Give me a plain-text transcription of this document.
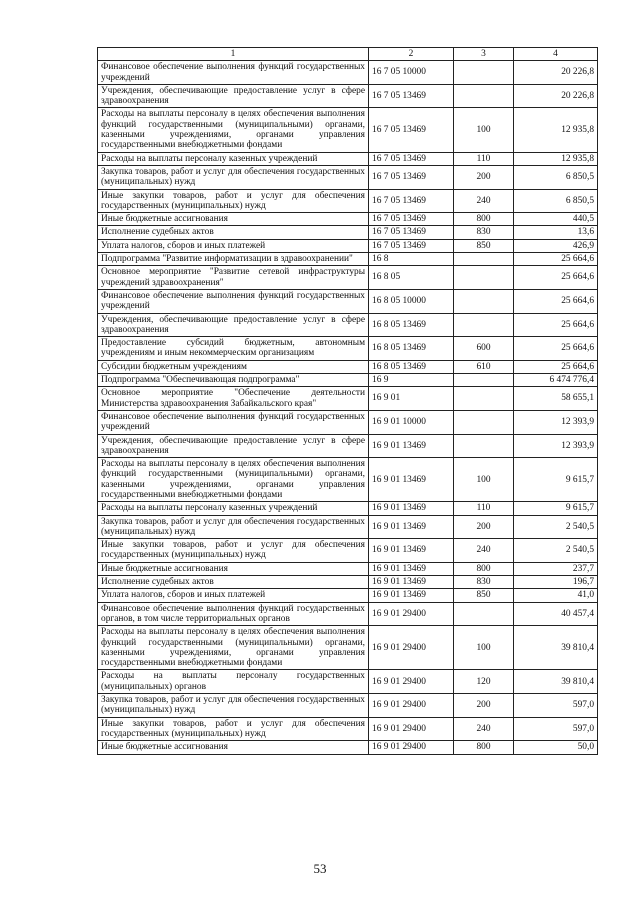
1	2	3	4
Финансовое обеспечение выполнения функций государственных учреждений	16 7 05 10000		20 226,8
Учреждения, обеспечивающие предоставление услуг в сфере здравоохранения	16 7 05 13469		20 226,8
Расходы на выплаты персоналу в целях обеспечения выполнения функций государственными (муниципальными) органами, казенными учреждениями, органами управления государственными внебюджетными фондами	16 7 05 13469	100	12 935,8
Расходы на выплаты персоналу казенных учреждений	16 7 05 13469	110	12 935,8
Закупка товаров, работ и услуг для обеспечения государственных (муниципальных) нужд	16 7 05 13469	200	6 850,5
Иные закупки товаров, работ и услуг для обеспечения государственных (муниципальных) нужд	16 7 05 13469	240	6 850,5
Иные бюджетные ассигнования	16 7 05 13469	800	440,5
Исполнение судебных актов	16 7 05 13469	830	13,6
Уплата налогов, сборов и иных платежей	16 7 05 13469	850	426,9
Подпрограмма "Развитие информатизации в здравоохранении"	16 8		25 664,6
Основное мероприятие "Развитие сетевой инфраструктуры учреждений здравоохранения"	16 8 05		25 664,6
Финансовое обеспечение выполнения функций государственных учреждений	16 8 05 10000		25 664,6
Учреждения, обеспечивающие предоставление услуг в сфере здравоохранения	16 8 05 13469		25 664,6
Предоставление субсидий бюджетным, автономным учреждениям и иным некоммерческим организациям	16 8 05 13469	600	25 664,6
Субсидии бюджетным учреждениям	16 8 05 13469	610	25 664,6
Подпрограмма "Обеспечивающая подпрограмма"	16 9		6 474 776,4
Основное мероприятие "Обеспечение деятельности Министерства здравоохранения Забайкальского края"	16 9 01		58 655,1
Финансовое обеспечение выполнения функций государственных учреждений	16 9 01 10000		12 393,9
Учреждения, обеспечивающие предоставление услуг в сфере здравоохранения	16 9 01 13469		12 393,9
Расходы на выплаты персоналу в целях обеспечения выполнения функций государственными (муниципальными) органами, казенными учреждениями, органами управления государственными внебюджетными фондами	16 9 01 13469	100	9 615,7
Расходы на выплаты персоналу казенных учреждений	16 9 01 13469	110	9 615,7
Закупка товаров, работ и услуг для обеспечения государственных (муниципальных) нужд	16 9 01 13469	200	2 540,5
Иные закупки товаров, работ и услуг для обеспечения государственных (муниципальных) нужд	16 9 01 13469	240	2 540,5
Иные бюджетные ассигнования	16 9 01 13469	800	237,7
Исполнение судебных актов	16 9 01 13469	830	196,7
Уплата налогов, сборов и иных платежей	16 9 01 13469	850	41,0
Финансовое обеспечение выполнения функций государственных органов, в том числе территориальных органов	16 9 01 29400		40 457,4
Расходы на выплаты персоналу в целях обеспечения выполнения функций государственными (муниципальными) органами, казенными учреждениями, органами управления государственными внебюджетными фондами	16 9 01 29400	100	39 810,4
Расходы на выплаты персоналу государственных (муниципальных) органов	16 9 01 29400	120	39 810,4
Закупка товаров, работ и услуг для обеспечения государственных (муниципальных) нужд	16 9 01 29400	200	597,0
Иные закупки товаров, работ и услуг для обеспечения государственных (муниципальных) нужд	16 9 01 29400	240	597,0
Иные бюджетные ассигнования	16 9 01 29400	800	50,0
53
